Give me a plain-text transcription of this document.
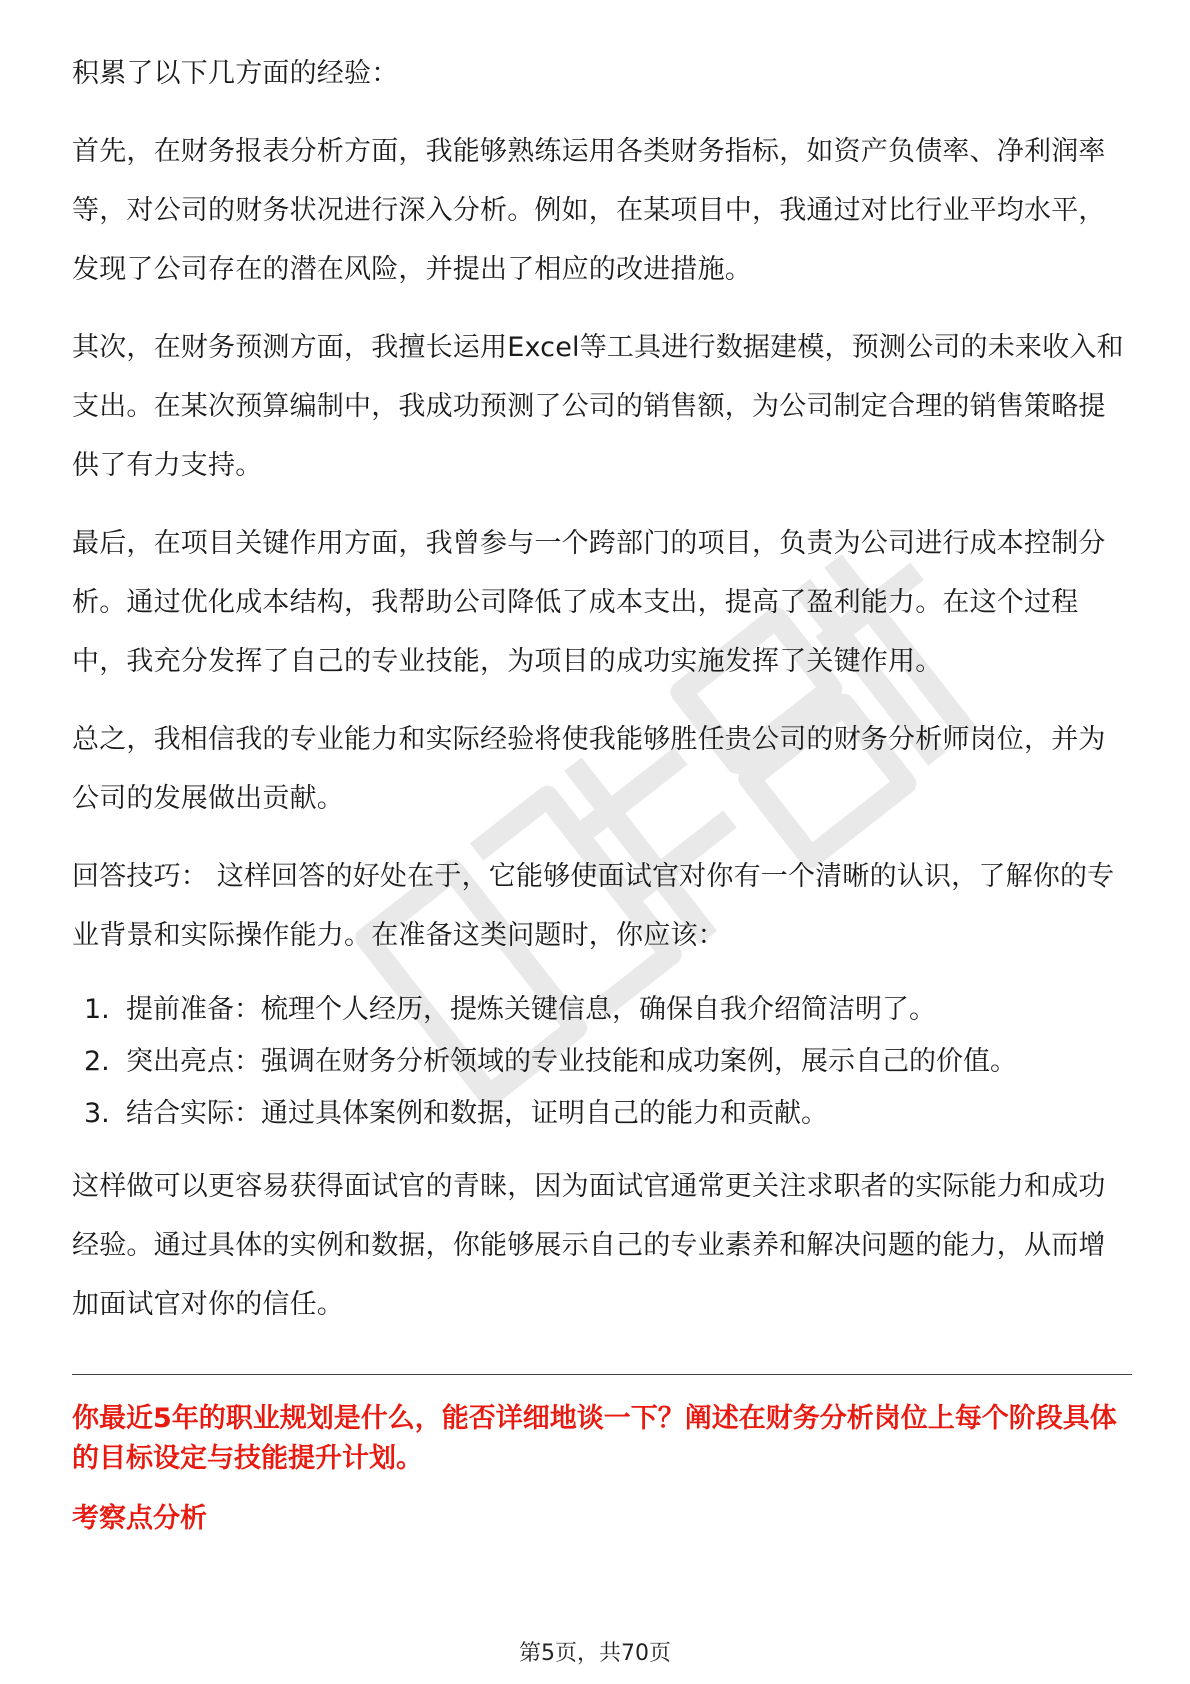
积累了以下几方面的经验：

首先，在财务报表分析方面，我能够熟练运用各类财务指标，如资产负债率、净利润率等，对公司的财务状况进行深入分析。例如，在某项目中，我通过对比行业平均水平，发现了公司存在的潜在风险，并提出了相应的改进措施。

其次，在财务预测方面，我擅长运用Excel等工具进行数据建模，预测公司的未来收入和支出。在某次预算编制中，我成功预测了公司的销售额，为公司制定合理的销售策略提供了有力支持。

最后，在项目关键作用方面，我曾参与一个跨部门的项目，负责为公司进行成本控制分析。通过优化成本结构，我帮助公司降低了成本支出，提高了盈利能力。在这个过程中，我充分发挥了自己的专业技能，为项目的成功实施发挥了关键作用。

总之，我相信我的专业能力和实际经验将使我能够胜任贵公司的财务分析师岗位，并为公司的发展做出贡献。

回答技巧： 这样回答的好处在于，它能够使面试官对你有一个清晰的认识，了解你的专业背景和实际操作能力。在准备这类问题时，你应该：

1. 提前准备：梳理个人经历，提炼关键信息，确保自我介绍简洁明了。
2. 突出亮点：强调在财务分析领域的专业技能和成功案例，展示自己的价值。
3. 结合实际：通过具体案例和数据，证明自己的能力和贡献。

这样做可以更容易获得面试官的青睐，因为面试官通常更关注求职者的实际能力和成功经验。通过具体的实例和数据，你能够展示自己的专业素养和解决问题的能力，从而增加面试官对你的信任。

你最近5年的职业规划是什么，能否详细地谈一下？阐述在财务分析岗位上每个阶段具体的目标设定与技能提升计划。

考察点分析

第5页，共70页
